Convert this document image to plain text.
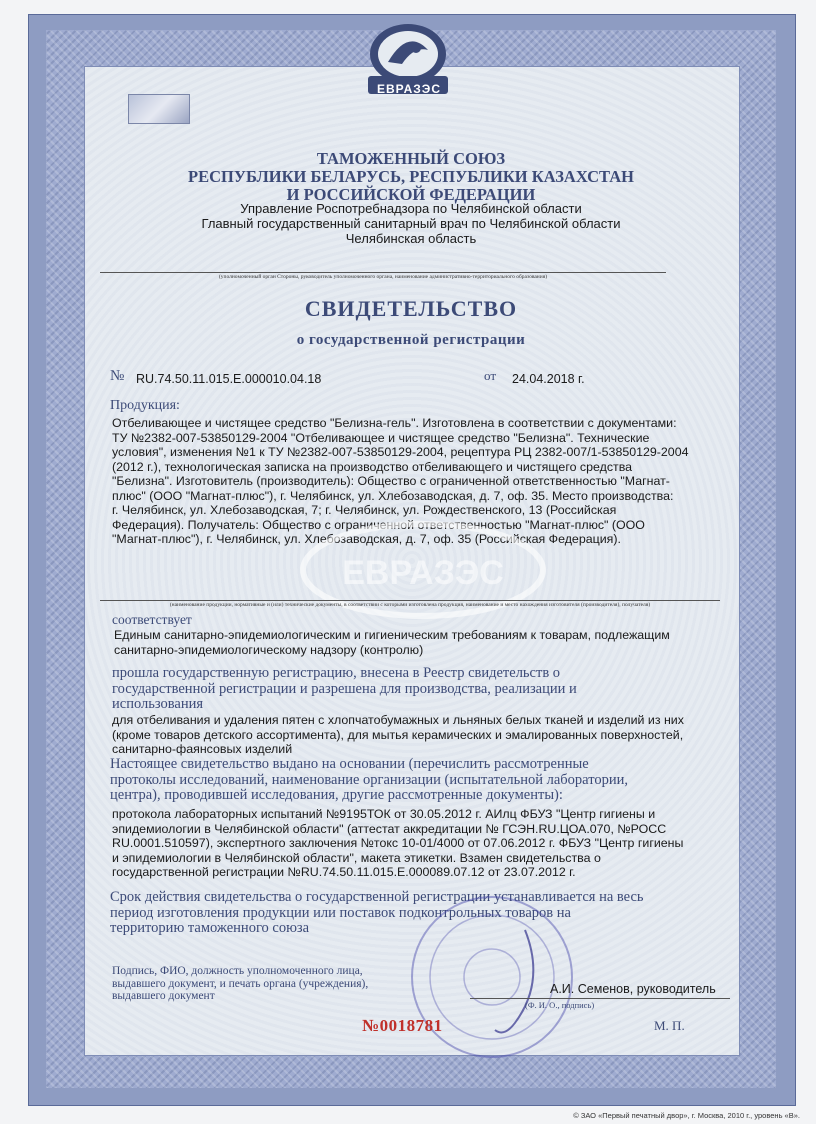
ЕВРАЗЭС
ТАМОЖЕННЫЙ СОЮЗ
РЕСПУБЛИКИ БЕЛАРУСЬ, РЕСПУБЛИКИ КАЗАХСТАН
И РОССИЙСКОЙ ФЕДЕРАЦИИ
Управление Роспотребнадзора по Челябинской области
Главный государственный санитарный врач по Челябинской области
Челябинская область
(уполномоченный орган Стороны, руководитель уполномоченного органа, наименование административно-территориального образования)
СВИДЕТЕЛЬСТВО
о государственной регистрации
№ RU.74.50.11.015.E.000010.04.18	от 24.04.2018 г.
Продукция:
Отбеливающее и чистящее средство "Белизна-гель". Изготовлена в соответствии с документами:
ТУ №2382-007-53850129-2004 "Отбеливающее и чистящее средство "Белизна". Технические
условия", изменения №1 к ТУ №2382-007-53850129-2004, рецептура РЦ 2382-007/1-53850129-2004
(2012 г.), технологическая записка на производство отбеливающего и чистящего средства
"Белизна". Изготовитель (производитель): Общество с ограниченной ответственностью "Магнат-
плюс" (ООО "Магнат-плюс"), г. Челябинск, ул. Хлебозаводская, д. 7, оф. 35. Место производства:
г. Челябинск, ул. Хлебозаводская, 7; г. Челябинск, ул. Рождественского, 13 (Российская
Федерация). Получатель: Общество с ограниченной ответственностью "Магнат-плюс" (ООО
"Магнат-плюс"), г. Челябинск, ул. Хлебозаводская, д. 7, оф. 35 (Российская Федерация).
ЕВРАЗЭС
(наименование продукции, нормативные и (или) технические документы, в соответствии с которыми изготовлена продукция, наименование и место нахождения изготовителя (производителя), получателя)
соответствует
Единым санитарно-эпидемиологическим и гигиеническим требованиям к товарам, подлежащим
санитарно-эпидемиологическому надзору (контролю)
прошла государственную регистрацию, внесена в Реестр свидетельств о
государственной регистрации и разрешена для производства, реализации и
использования
для отбеливания и удаления пятен с хлопчатобумажных и льняных белых тканей и изделий из них
(кроме товаров детского ассортимента), для мытья керамических и эмалированных поверхностей,
санитарно-фаянсовых изделий
Настоящее свидетельство выдано на основании (перечислить рассмотренные
протоколы исследований, наименование организации (испытательной лаборатории,
центра), проводившей исследования, другие рассмотренные документы):
протокола лабораторных испытаний №9195ТОК от 30.05.2012 г. АИлц ФБУЗ "Центр гигиены и
эпидемиологии в Челябинской области" (аттестат аккредитации № ГСЭН.RU.ЦОА.070, №РОСС
RU.0001.510597), экспертного заключения №токс 10-01/4000 от 07.06.2012 г. ФБУЗ "Центр гигиены
и эпидемиологии в Челябинской области", макета этикетки. Взамен свидетельства о
государственной регистрации №RU.74.50.11.015.E.000089.07.12 от 23.07.2012 г.
Срок действия свидетельства о государственной регистрации устанавливается на весь
период изготовления продукции или поставок подконтрольных товаров на
территорию таможенного союза
Подпись, ФИО, должность уполномоченного лица,
выдавшего документ, и печать органа (учреждения),
выдавшего документ	А.И. Семенов, руководитель
(Ф. И. О., подпись)
М. П.
№0018781
© ЗАО «Первый печатный двор», г. Москва, 2010 г., уровень «В».
